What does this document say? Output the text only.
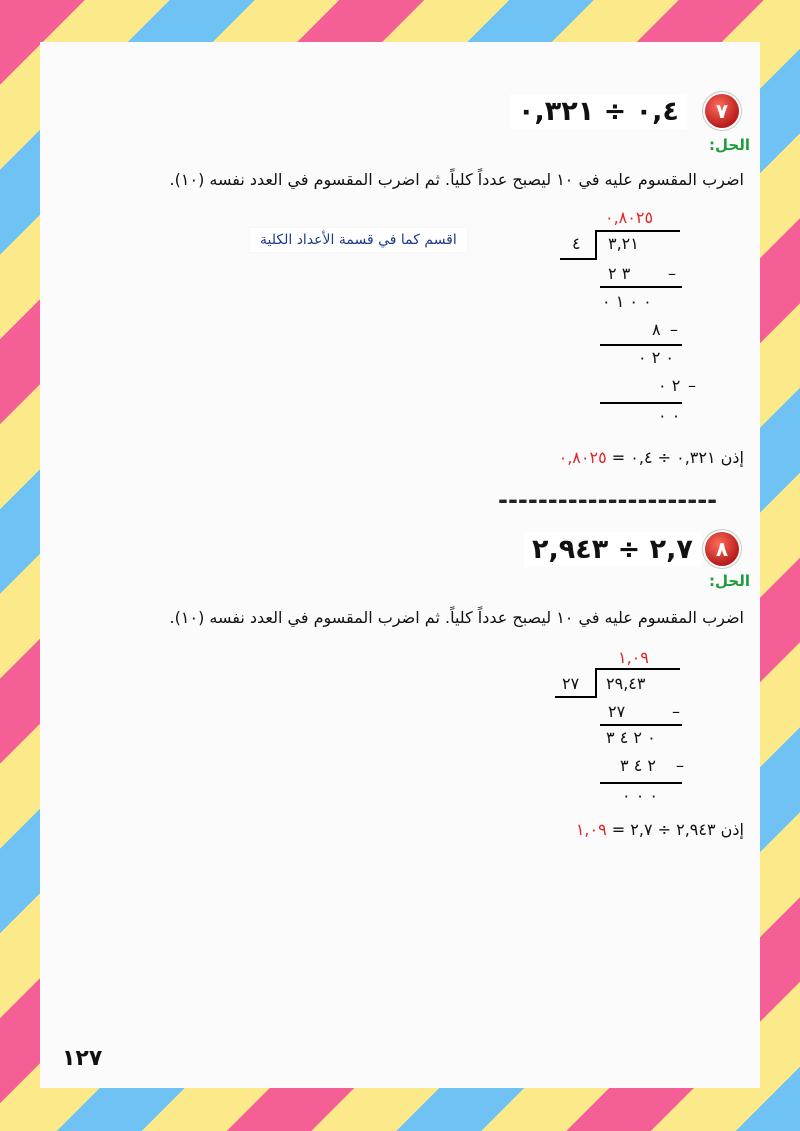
٧
٠,٤ ÷ ٠,٣٢١
الحل:
اضرب المقسوم عليه في ١٠ ليصبح عدداً كلياً. ثم اضرب المقسوم في العدد نفسه (١٠).
اقسم كما في قسمة الأعداد الكلية
٠,٨٠٢٥
٤ ٣,٢١
٣ ٢ –
٠ ٠ ١ ٠
٨ –
٠ ٢ ٠
٢ ٠ –
٠ ٠
إذن ٠,٣٢١ ÷ ٠,٤ = ٠,٨٠٢٥
----------------------
٨
٢,٧ ÷ ٢,٩٤٣
الحل:
اضرب المقسوم عليه في ١٠ ليصبح عدداً كلياً. ثم اضرب المقسوم في العدد نفسه (١٠).
١,٠٩
٢٧ ٢٩,٤٣
٢٧	–
٠ ٢ ٤ ٣
٢ ٤ ٣ –
٠ ٠ ٠
إذن ٢,٩٤٣ ÷ ٢,٧ = ١,٠٩
١٢٧
